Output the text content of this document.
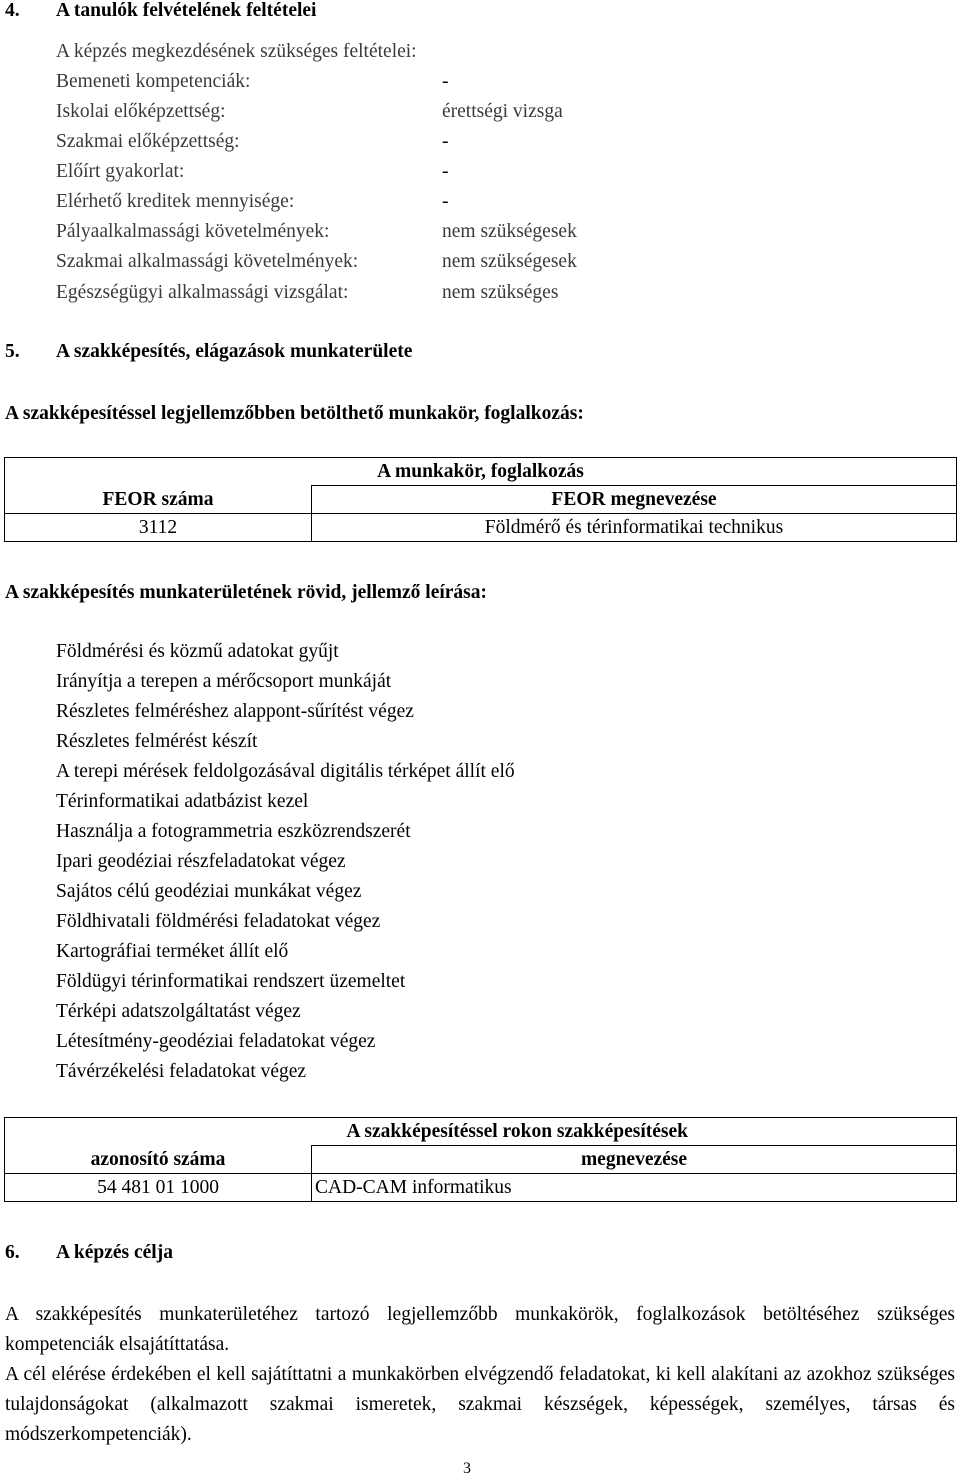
4. A tanulók felvételének feltételei
A képzés megkezdésének szükséges feltételei:
Bemeneti kompetenciák:	-
Iskolai előképzettség:	érettségi vizsga
Szakmai előképzettség:	-
Előírt gyakorlat:	-
Elérhető kreditek mennyisége:	-
Pályaalkalmassági követelmények:	nem szükségesek
Szakmai alkalmassági követelmények:	nem szükségesek
Egészségügyi alkalmassági vizsgálat:	nem szükséges
5. A szakképesítés, elágazások munkaterülete
A szakképesítéssel legjellemzőbben betölthető munkakör, foglalkozás:
A munkakör, foglalkozás	
FEOR száma	FEOR megnevezése
3112	Földmérő és térinformatikai technikus
A szakképesítés munkaterületének rövid, jellemző leírása:
Földmérési és közmű adatokat gyűjt
Irányítja a terepen a mérőcsoport munkáját
Részletes felméréshez alappont-sűrítést végez
Részletes felmérést készít
A terepi mérések feldolgozásával digitális térképet állít elő
Térinformatikai adatbázist kezel
Használja a fotogrammetria eszközrendszerét
Ipari geodéziai részfeladatokat végez
Sajátos célú geodéziai munkákat végez
Földhivatali földmérési feladatokat végez
Kartográfiai terméket állít elő
Földügyi térinformatikai rendszert üzemeltet
Térképi adatszolgáltatást végez
Létesítmény-geodéziai feladatokat végez
Távérzékelési feladatokat végez
A szakképesítéssel rokon szakképesítések	
azonosító száma	megnevezése
54 481 01 1000	CAD-CAM informatikus
6. A képzés célja
A szakképesítés munkaterületéhez tartozó legjellemzőbb munkakörök, foglalkozások betöltéséhez szükséges kompetenciák elsajátíttatása.
A cél elérése érdekében el kell sajátíttatni a munkakörben elvégzendő feladatokat, ki kell alakítani az azokhoz szükséges tulajdonságokat (alkalmazott szakmai ismeretek, szakmai készségek, képességek, személyes, társas és módszerkompetenciák).
3
